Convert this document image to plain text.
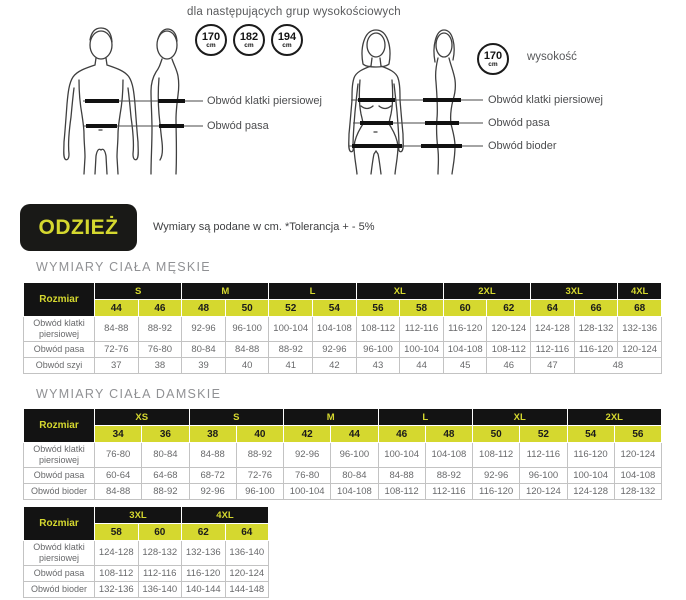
dla następujących grup wysokościowych
170
cm
182
cm
194
cm
170
cm
wysokość
Obwód klatki piersiowej
Obwód pasa
Obwód klatki piersiowej
Obwód pasa
Obwód bioder
ODZIEŻ	Wymiary są podane w cm. *Tolerancja + - 5%
WYMIARY CIAŁA MĘSKIE
WYMIARY CIAŁA DAMSKIE
Rozmiar	S		M		L		XL		2XL		3XL		4XL
	44	46	48	50	52	54	56	58	60	62	64	66	68
Obwód klatki piersiowej	84-88	88-92	92-96	96-100	100-104	104-108	108-112	112-116	116-120	120-124	124-128	128-132	132-136
Obwód pasa	72-76	76-80	80-84	84-88	88-92	92-96	96-100	100-104	104-108	108-112	112-116	116-120	120-124
Obwód szyi	37	38	39	40	41	42	43	44	45	46	47	48	
Rozmiar	XS		S		M		L		XL		2XL	
	34	36	38	40	42	44	46	48	50	52	54	56
Obwód klatki piersiowej	76-80	80-84	84-88	88-92	92-96	96-100	100-104	104-108	108-112	112-116	116-120	120-124
Obwód pasa	60-64	64-68	68-72	72-76	76-80	80-84	84-88	88-92	92-96	96-100	100-104	104-108
Obwód bioder	84-88	88-92	92-96	96-100	100-104	104-108	108-112	112-116	116-120	120-124	124-128	128-132
Rozmiar	3XL		4XL	
	58	60	62	64
Obwód klatki piersiowej	124-128	128-132	132-136	136-140
Obwód pasa	108-112	112-116	116-120	120-124
Obwód bioder	132-136	136-140	140-144	144-148
